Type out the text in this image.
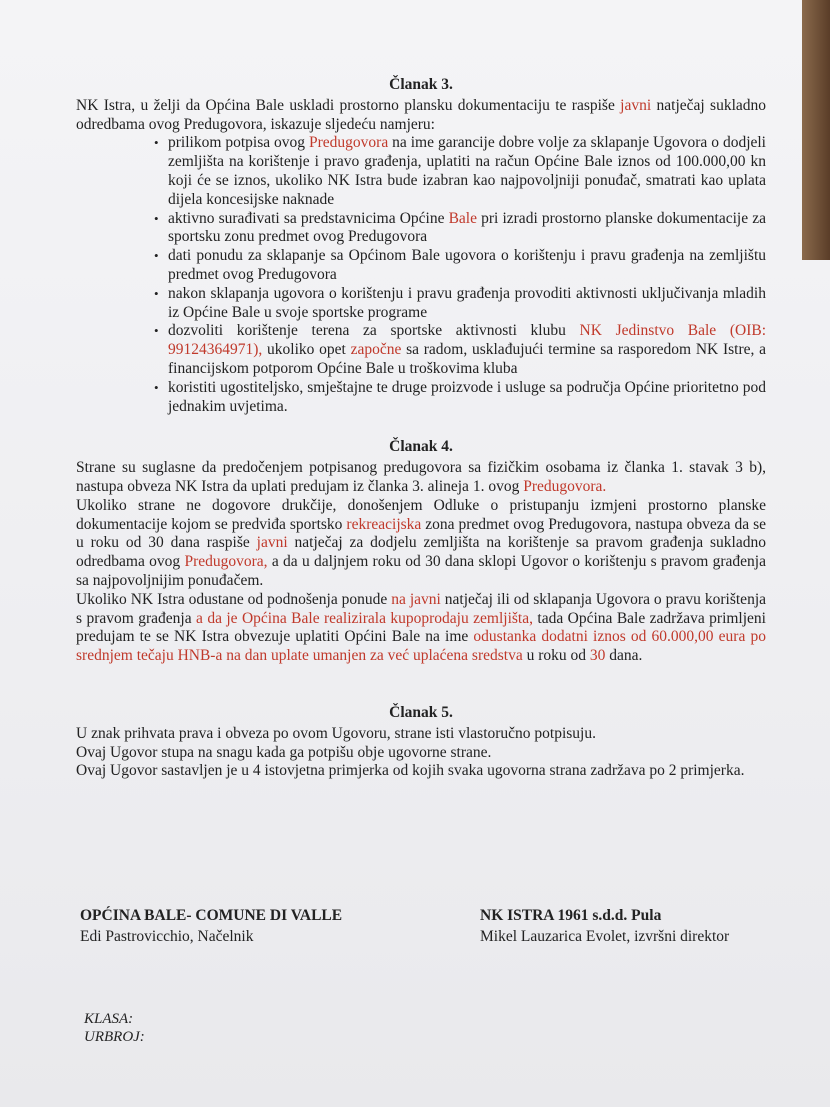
Članak 3.

NK Istra, u želji da Općina Bale uskladi prostorno plansku dokumentaciju te raspiše javni natječaj sukladno odredbama ovog Predugovora, iskazuje sljedeću namjeru:

• prilikom potpisa ovog Predugovora na ime garancije dobre volje za sklapanje Ugovora o dodjeli zemljišta na korištenje i pravo građenja, uplatiti na račun Općine Bale iznos od 100.000,00 kn koji će se iznos, ukoliko NK Istra bude izabran kao najpovoljniji ponuđač, smatrati kao uplata dijela koncesijske naknade
• aktivno surađivati sa predstavnicima Općine Bale pri izradi prostorno planske dokumentacije za sportsku zonu predmet ovog Predugovora
• dati ponudu za sklapanje sa Općinom Bale ugovora o korištenju i pravu građenja na zemljištu predmet ovog Predugovora
• nakon sklapanja ugovora o korištenju i pravu građenja provoditi aktivnosti uključivanja mladih iz Općine Bale u svoje sportske programe
• dozvoliti korištenje terena za sportske aktivnosti klubu NK Jedinstvo Bale (OIB: 99124364971), ukoliko opet započne sa radom, usklađujući termine sa rasporedom NK Istre, a financijskom potporom Općine Bale u troškovima kluba
• koristiti ugostiteljsko, smještajne te druge proizvode i usluge sa područja Općine prioritetno pod jednakim uvjetima.

Članak 4.

Strane su suglasne da predočenjem potpisanog predugovora sa fizičkim osobama iz članka 1. stavak 3 b), nastupa obveza NK Istra da uplati predujam iz članka 3. alineja 1. ovog Predugovora.

Ukoliko strane ne dogovore drukčije, donošenjem Odluke o pristupanju izmjeni prostorno planske dokumentacije kojom se predviđa sportsko rekreacijska zona predmet ovog Predugovora, nastupa obveza da se u roku od 30 dana raspiše javni natječaj za dodjelu zemljišta na korištenje sa pravom građenja sukladno odredbama ovog Predugovora, a da u daljnjem roku od 30 dana sklopi Ugovor o korištenju s pravom građenja sa najpovoljnijim ponuđačem.

Ukoliko NK Istra odustane od podnošenja ponude na javni natječaj ili od sklapanja Ugovora o pravu korištenja s pravom građenja a da je Općina Bale realizirala kupoprodaju zemljišta, tada Općina Bale zadržava primljeni predujam te se NK Istra obvezuje uplatiti Općini Bale na ime odustanka dodatni iznos od 60.000,00 eura po srednjem tečaju HNB-a na dan uplate umanjen za već uplaćena sredstva u roku od 30 dana.

Članak 5.

U znak prihvata prava i obveza po ovom Ugovoru, strane isti vlastoručno potpisuju.

Ovaj Ugovor stupa na snagu kada ga potpišu obje ugovorne strane.

Ovaj Ugovor sastavljen je u 4 istovjetna primjerka od kojih svaka ugovorna strana zadržava po 2 primjerka.

OPĆINA BALE- COMUNE DI VALLE
Edi Pastrovicchio, Načelnik
NK ISTRA 1961 s.d.d. Pula
Mikel Lauzarica Evolet, izvršni direktor
KLASA:
URBROJ:
